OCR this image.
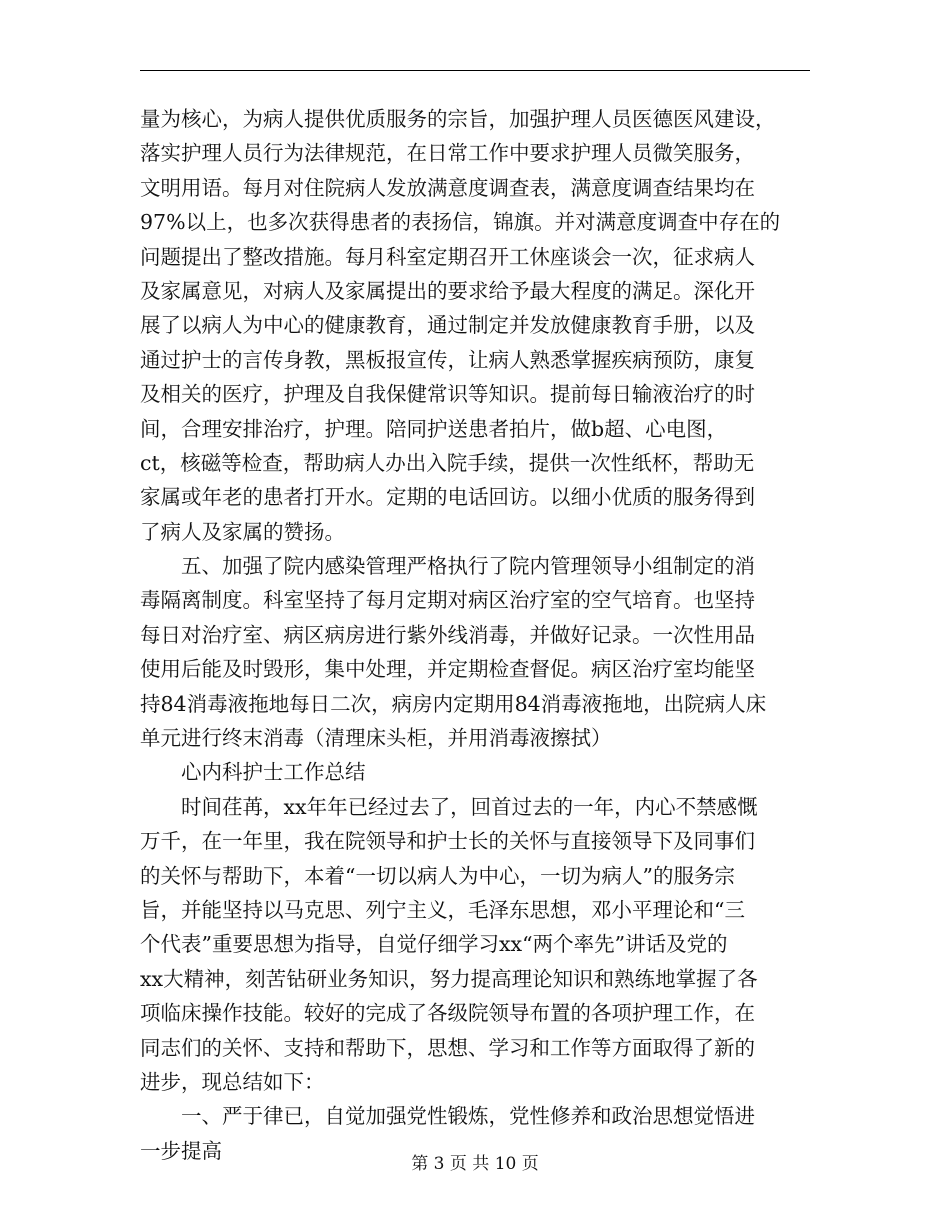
量为核心，为病人提供优质服务的宗旨，加强护理人员医德医风建设，
落实护理人员行为法律规范，在日常工作中要求护理人员微笑服务，
文明用语。每月对住院病人发放满意度调查表，满意度调查结果均在
97%以上，也多次获得患者的表扬信，锦旗。并对满意度调查中存在的
问题提出了整改措施。每月科室定期召开工休座谈会一次，征求病人
及家属意见，对病人及家属提出的要求给予最大程度的满足。深化开
展了以病人为中心的健康教育，通过制定并发放健康教育手册，以及
通过护士的言传身教，黑板报宣传，让病人熟悉掌握疾病预防，康复
及相关的医疗，护理及自我保健常识等知识。提前每日输液治疗的时
间，合理安排治疗，护理。陪同护送患者拍片，做b超、心电图，
ct，核磁等检查，帮助病人办出入院手续，提供一次性纸杯，帮助无
家属或年老的患者打开水。定期的电话回访。以细小优质的服务得到
了病人及家属的赞扬。
　　五、加强了院内感染管理严格执行了院内管理领导小组制定的消
毒隔离制度。科室坚持了每月定期对病区治疗室的空气培育。也坚持
每日对治疗室、病区病房进行紫外线消毒，并做好记录。一次性用品
使用后能及时毁形，集中处理，并定期检查督促。病区治疗室均能坚
持84消毒液拖地每日二次，病房内定期用84消毒液拖地，出院病人床
单元进行终末消毒（清理床头柜，并用消毒液擦拭）
　　心内科护士工作总结
　　时间荏苒，xx年年已经过去了，回首过去的一年，内心不禁感慨
万千，在一年里，我在院领导和护士长的关怀与直接领导下及同事们
的关怀与帮助下，本着“一切以病人为中心，一切为病人”的服务宗
旨，并能坚持以马克思、列宁主义，毛泽东思想，邓小平理论和“三
个代表”重要思想为指导，自觉仔细学习xx“两个率先”讲话及党的
xx大精神，刻苦钻研业务知识，努力提高理论知识和熟练地掌握了各
项临床操作技能。较好的完成了各级院领导布置的各项护理工作，在
同志们的关怀、支持和帮助下，思想、学习和工作等方面取得了新的
进步，现总结如下：
　　一、严于律已，自觉加强党性锻炼，党性修养和政治思想觉悟进
一步提高
第 3 页 共 10 页
